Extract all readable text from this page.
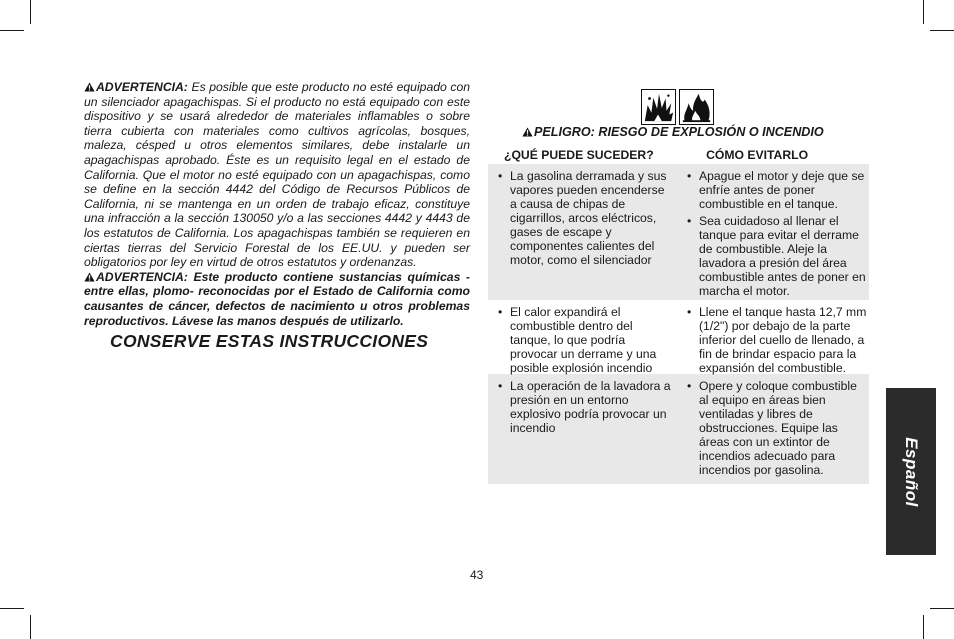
ADVERTENCIA: Es posible que este producto no esté equipado con un silenciador apagachispas. Si el producto no está equipado con este dispositivo y se usará alrededor de materiales inflamables o sobre tierra cubierta con materiales como cultivos agrícolas, bosques, maleza, césped u otros elementos similares, debe instalarle un apagachispas aprobado. Éste es un requisito legal en el estado de California. Que el motor no esté equipado con un apagachispas, como se define en la sección 4442 del Código de Recursos Públicos de California, ni se mantenga en un orden de trabajo eficaz, constituye una infracción a la sección 130050 y/o a las secciones 4442 y 4443 de los estatutos de California. Los apagachispas también se requieren en ciertas tierras del Servicio Forestal de los EE.UU. y pueden ser obligatorios por ley en virtud de otros estatutos y ordenanzas.

ADVERTENCIA: Este producto contiene sustancias químicas -entre ellas, plomo- reconocidas por el Estado de California como causantes de cáncer, defectos de nacimiento u otros problemas reproductivos. Lávese las manos después de utilizarlo.

CONSERVE ESTAS INSTRUCCIONES
PELIGRO: RIESGO DE EXPLOSIÓN O INCENDIO
¿QUÉ PUEDE SUCEDER?	CÓMO EVITARLO
• La gasolina derramada y sus vapores pueden encenderse a causa de chipas de cigarrillos, arcos eléctricos, gases de escape y componentes calientes del motor, como el silenciador
• Apague el motor y deje que se enfríe antes de poner combustible en el tanque.
• Sea cuidadoso al llenar el tanque para evitar el derrame de combustible. Aleje la lavadora a presión del área combustible antes de poner en marcha el motor.
• El calor expandirá el combustible dentro del tanque, lo que podría provocar un derrame y una posible explosión incendio
• Llene el tanque hasta 12,7 mm (1/2") por debajo de la parte inferior del cuello de llenado, a fin de brindar espacio para la expansión del combustible.
• La operación de la lavadora a presión en un entorno explosivo podría provocar un incendio
• Opere y coloque combustible al equipo en áreas bien ventiladas y libres de obstrucciones. Equipe las áreas con un extintor de incendios adecuado para incendios por gasolina.	Español
43
